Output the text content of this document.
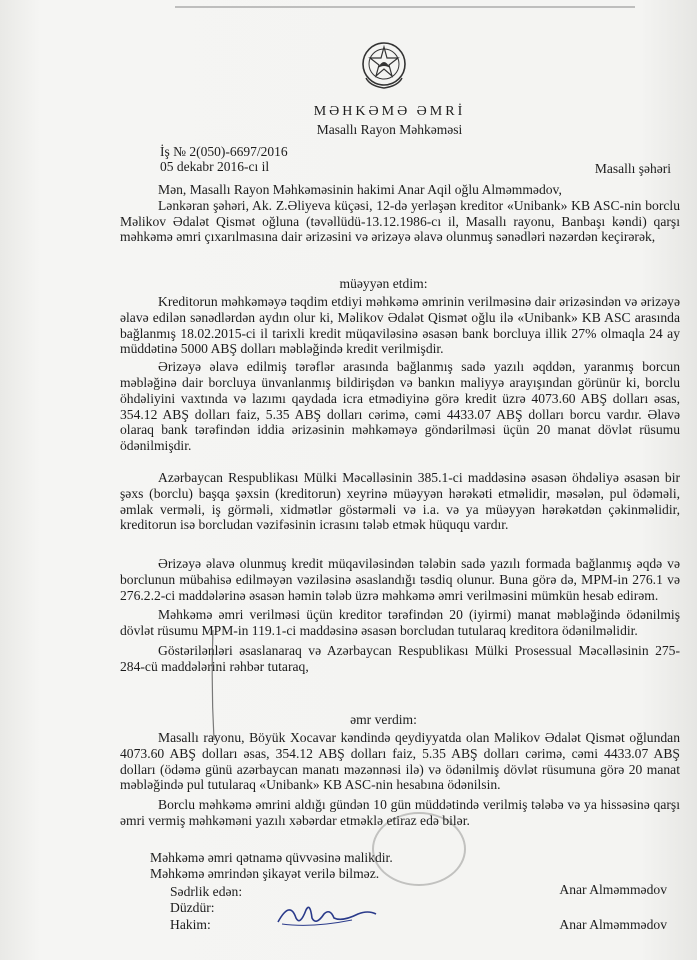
MƏHKƏMƏ ƏMRİ
Masallı Rayon Məhkəməsi
İş № 2(050)-6697/2016
05 dekabr 2016-cı il	Masallı şəhəri

Mən, Masallı Rayon Məhkəməsinin hakimi Anar Aqil oğlu Alməmmədov,

Lənkəran şəhəri, Ak. Z.Əliyeva küçəsi, 12-də yerləşən kreditor «Unibank» KB ASC-nin borclu Məlikov Ədalət Qismət oğluna (təvəllüdü-13.12.1986-cı il, Masallı rayonu, Banbaşı kəndi) qarşı məhkəmə əmri çıxarılmasına dair ərizəsini və ərizəyə əlavə olunmuş sənədləri nəzərdən keçirərək,

müəyyən etdim:

Kreditorun məhkəməyə təqdim etdiyi məhkəmə əmrinin verilməsinə dair ərizəsindən və ərizəyə əlavə edilən sənədlərdən aydın olur ki, Məlikov Ədalət Qismət oğlu ilə «Unibank» KB ASC arasında bağlanmış 18.02.2015-ci il tarixli kredit müqaviləsinə əsasən bank borcluya illik 27% olmaqla 24 ay müddətinə 5000 ABŞ dolları məbləğində kredit verilmişdir.

Ərizəyə əlavə edilmiş tərəflər arasında bağlanmış sadə yazılı əqddən, yaranmış borcun məbləğinə dair borcluya ünvanlanmış bildirişdən və bankın maliyyə arayışından görünür ki, borclu öhdəliyini vaxtında və lazımı qaydada icra etmədiyinə görə kredit üzrə 4073.60 ABŞ dolları əsas, 354.12 ABŞ dolları faiz, 5.35 ABŞ dolları cərimə, cəmi 4433.07 ABŞ dolları borcu vardır. Əlavə olaraq bank tərəfindən iddia ərizəsinin məhkəməyə göndərilməsi üçün 20 manat dövlət rüsumu ödənilmişdir.

Azərbaycan Respublikası Mülki Məcəlləsinin 385.1-ci maddəsinə əsasən öhdəliyə əsasən bir şəxs (borclu) başqa şəxsin (kreditorun) xeyrinə müəyyən hərəkəti etməlidir, məsələn, pul ödəməli, əmlak verməli, iş görməli, xidmətlər göstərməli və i.a. və ya müəyyən hərəkətdən çəkinməlidir, kreditorun isə borcludan vəzifəsinin icrasını tələb etmək hüququ vardır.

Ərizəyə əlavə olunmuş kredit müqaviləsindən tələbin sadə yazılı formada bağlanmış əqdə və borclunun mübahisə edilməyən vəziləsinə əsaslandığı təsdiq olunur. Buna görə də, MPM-in 276.1 və 276.2.2-ci maddələrinə əsasən həmin tələb üzrə məhkəmə əmri verilməsini mümkün hesab edirəm.

Məhkəmə əmri verilməsi üçün kreditor tərəfindən 20 (iyirmi) manat məbləğində ödənilmiş dövlət rüsumu MPM-in 119.1-ci maddəsinə əsasən borcludan tutularaq kreditora ödənilməlidir.

Göstərilənləri əsaslanaraq və Azərbaycan Respublikası Mülki Prosessual Məcəlləsinin 275-284-cü maddələrini rəhbər tutaraq,

əmr verdim:

Masallı rayonu, Böyük Xocavar kəndində qeydiyyatda olan Məlikov Ədalət Qismət oğlundan 4073.60 ABŞ dolları əsas, 354.12 ABŞ dolları faiz, 5.35 ABŞ dolları cərimə, cəmi 4433.07 ABŞ dolları (ödəmə günü azərbaycan manatı məzənnəsi ilə) və ödənilmiş dövlət rüsumuna görə 20 manat məbləğində pul tutularaq «Unibank» KB ASC-nin hesabına ödənilsin.

Borclu məhkəmə əmrini aldığı gündən 10 gün müddətində verilmiş tələbə və ya hissəsinə qarşı əmri vermiş məhkəməni yazılı xəbərdar etməklə etiraz edə bilər.

Məhkəmə əmri qətnamə qüvvəsinə malikdir.
Məhkəmə əmrindən şikayət verilə bilməz.
Sədrlik edən:	Anar Alməmmədov
Düzdür:
Hakim:	Anar Alməmmədov
